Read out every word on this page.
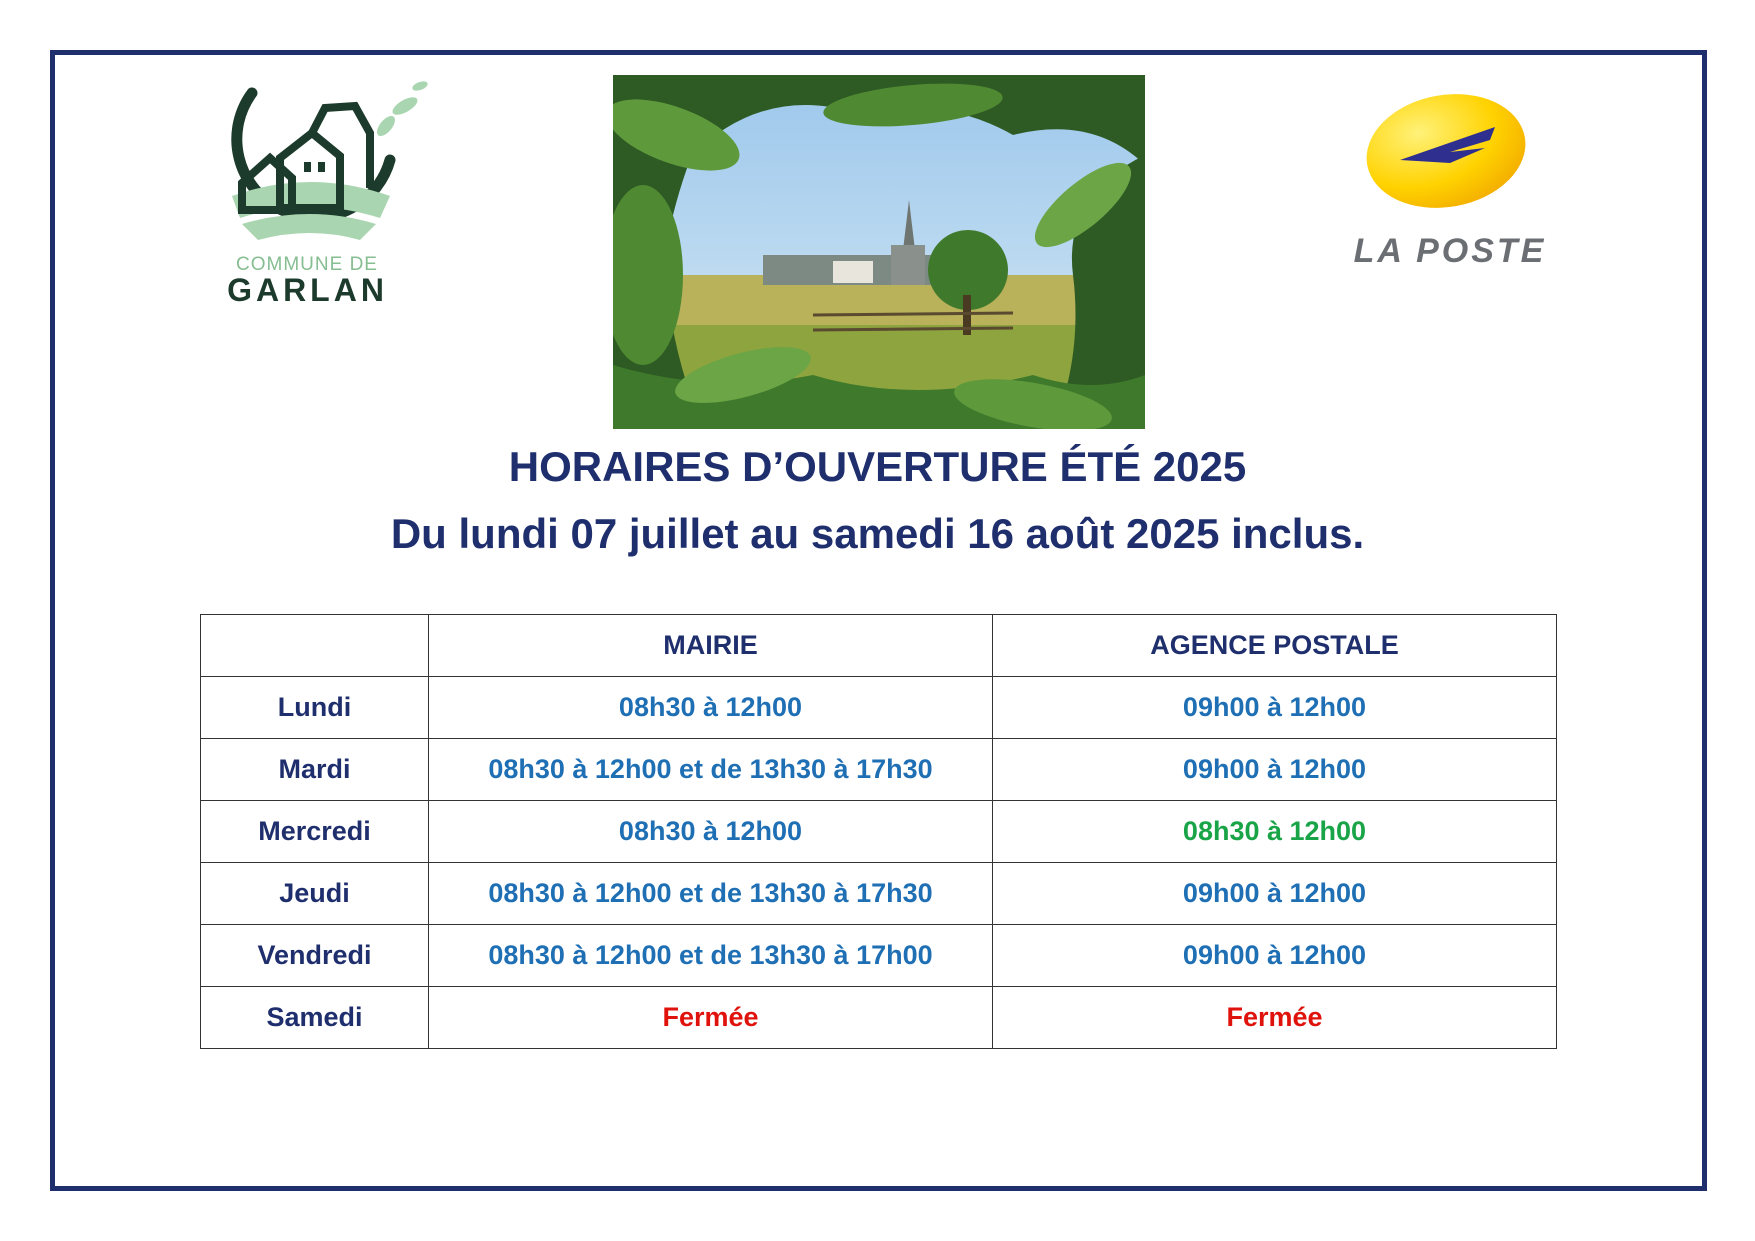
COMMUNE DE
GARLAN
LA POSTE
HORAIRES D’OUVERTURE ÉTÉ 2025
Du lundi 07 juillet au samedi 16 août 2025 inclus.
	MAIRIE	AGENCE POSTALE
Lundi	08h30 à 12h00	09h00 à 12h00
Mardi	08h30 à 12h00 et de 13h30 à 17h30	09h00 à 12h00
Mercredi	08h30 à 12h00	08h30 à 12h00
Jeudi	08h30 à 12h00 et de 13h30 à 17h30	09h00 à 12h00
Vendredi	08h30 à 12h00 et de 13h30 à 17h00	09h00 à 12h00
Samedi	Fermée	Fermée
